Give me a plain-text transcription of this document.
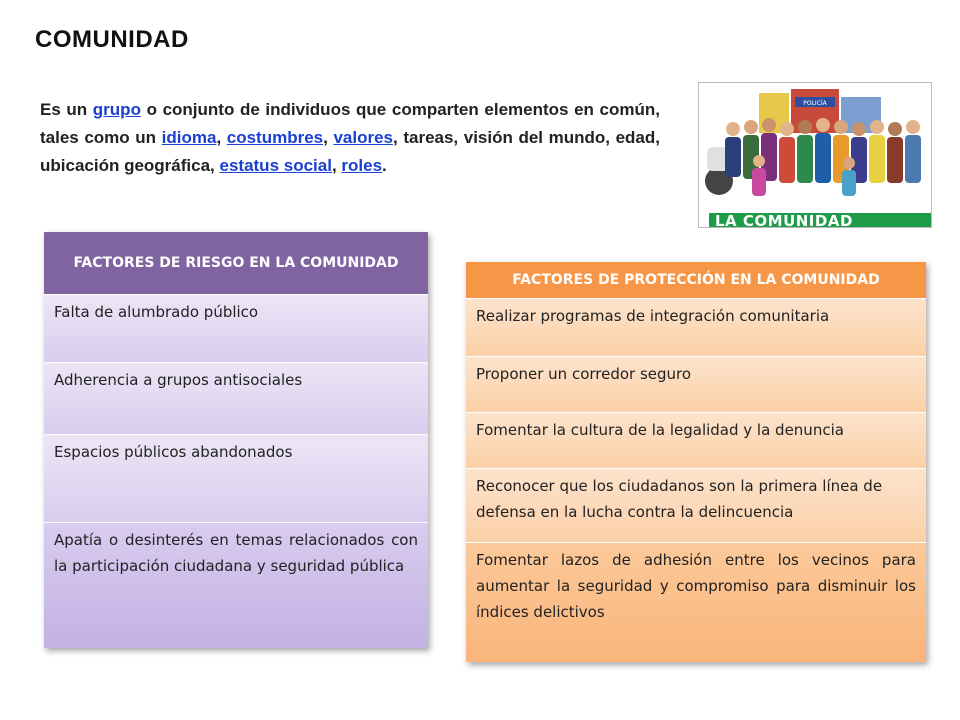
COMUNIDAD
Es un grupo o conjunto de individuos que comparten elementos en común, tales como un idioma, costumbres, valores, tareas, visión del mundo, edad, ubicación geográfica, estatus social, roles.
POLICÍA
LA COMUNIDAD
FACTORES DE RIESGO EN LA COMUNIDAD
Falta de alumbrado público
Adherencia a grupos antisociales
Espacios públicos abandonados
Apatía o desinterés en temas relacionados con la participación ciudadana y seguridad pública
FACTORES DE PROTECCIÓN EN LA COMUNIDAD
Realizar programas de integración comunitaria
Proponer un corredor seguro
Fomentar la cultura de la legalidad y la denuncia
Reconocer que los ciudadanos son la primera línea de defensa en la lucha contra la delincuencia
Fomentar lazos de adhesión entre los vecinos para aumentar la seguridad y compromiso para disminuir los índices delictivos
